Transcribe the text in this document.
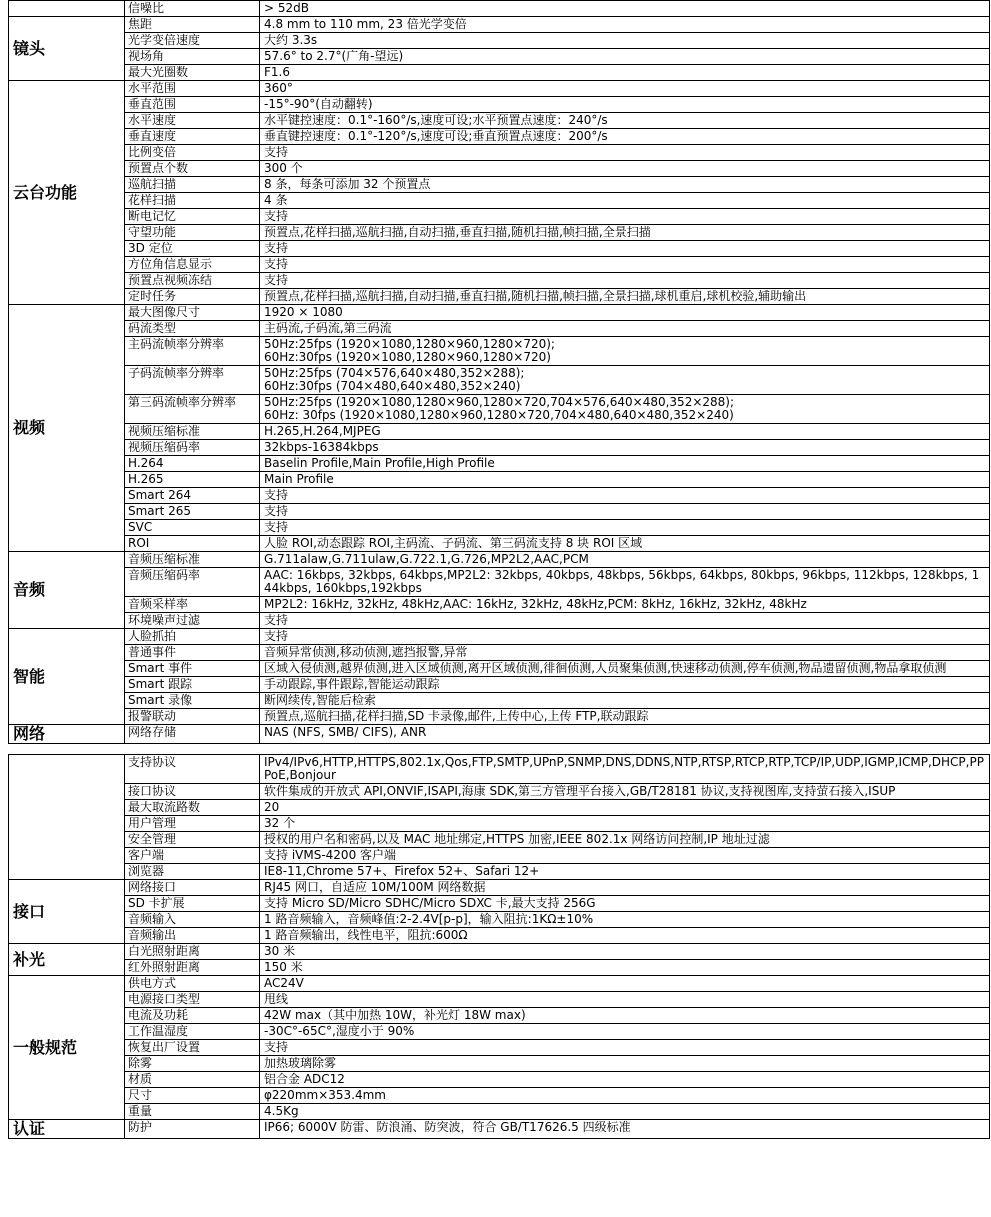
	信噪比	> 52dB

镜头	焦距	4.8 mm to 110 mm, 23 倍光学变倍

	光学变倍速度	大约 3.3s

	视场角	57.6° to 2.7°(广角-望远)

	最大光圈数	F1.6

云台功能	水平范围	360°

	垂直范围	-15°-90°(自动翻转)

	水平速度	水平键控速度：0.1°-160°/s,速度可设;水平预置点速度：240°/s

	垂直速度	垂直键控速度：0.1°-120°/s,速度可设;垂直预置点速度：200°/s

	比例变倍	支持

	预置点个数	300 个

	巡航扫描	8 条，每条可添加 32 个预置点

	花样扫描	4 条

	断电记忆	支持

	守望功能	预置点,花样扫描,巡航扫描,自动扫描,垂直扫描,随机扫描,帧扫描,全景扫描

	3D 定位	支持

	方位角信息显示	支持

	预置点视频冻结	支持

	定时任务	预置点,花样扫描,巡航扫描,自动扫描,垂直扫描,随机扫描,帧扫描,全景扫描,球机重启,球机校验,辅助输出

视频	最大图像尺寸	1920 × 1080

	码流类型	主码流,子码流,第三码流

	主码流帧率分辨率	50Hz:25fps (1920×1080,1280×960,1280×720);
60Hz:30fps (1920×1080,1280×960,1280×720)

	子码流帧率分辨率	50Hz:25fps (704×576,640×480,352×288);
60Hz:30fps (704×480,640×480,352×240)

	第三码流帧率分辨率	50Hz:25fps (1920×1080,1280×960,1280×720,704×576,640×480,352×288);
60Hz: 30fps (1920×1080,1280×960,1280×720,704×480,640×480,352×240)

	视频压缩标准	H.265,H.264,MJPEG

	视频压缩码率	32kbps-16384kbps

	H.264	Baselin Profile,Main Profile,High Profile

	H.265	Main Profile

	Smart 264	支持

	Smart 265	支持

	SVC	支持

	ROI	人脸 ROI,动态跟踪 ROI,主码流、子码流、第三码流支持 8 块 ROI 区域

音频	音频压缩标准	G.711alaw,G.711ulaw,G.722.1,G.726,MP2L2,AAC,PCM

	音频压缩码率	AAC: 16kbps, 32kbps, 64kbps,MP2L2: 32kbps, 40kbps, 48kbps, 56kbps, 64kbps, 80kbps, 96kbps, 112kbps, 128kbps, 144kbps, 160kbps,192kbps

	音频采样率	MP2L2: 16kHz, 32kHz, 48kHz,AAC: 16kHz, 32kHz, 48kHz,PCM: 8kHz, 16kHz, 32kHz, 48kHz

	环境噪声过滤	支持

智能	人脸抓拍	支持

	普通事件	音频异常侦测,移动侦测,遮挡报警,异常

	Smart 事件	区域入侵侦测,越界侦测,进入区域侦测,离开区域侦测,徘徊侦测,人员聚集侦测,快速移动侦测,停车侦测,物品遗留侦测,物品拿取侦测

	Smart 跟踪	手动跟踪,事件跟踪,智能运动跟踪

	Smart 录像	断网续传,智能后检索

	报警联动	预置点,巡航扫描,花样扫描,SD 卡录像,邮件,上传中心,上传 FTP,联动跟踪

网络	网络存储	NAS (NFS, SMB/ CIFS), ANR

	支持协议	IPv4/IPv6,HTTP,HTTPS,802.1x,Qos,FTP,SMTP,UPnP,SNMP,DNS,DDNS,NTP,RTSP,RTCP,RTP,TCP/IP,UDP,IGMP,ICMP,DHCP,PPPoE,Bonjour

	接口协议	软件集成的开放式 API,ONVIF,ISAPI,海康 SDK,第三方管理平台接入,GB/T28181 协议,支持视图库,支持萤石接入,ISUP

	最大取流路数	20

	用户管理	32 个

	安全管理	授权的用户名和密码,以及 MAC 地址绑定,HTTPS 加密,IEEE 802.1x 网络访问控制,IP 地址过滤

	客户端	支持 iVMS-4200 客户端

	浏览器	IE8-11,Chrome 57+、Firefox 52+、Safari 12+

接口	网络接口	RJ45 网口，自适应 10M/100M 网络数据

	SD 卡扩展	支持 Micro SD/Micro SDHC/Micro SDXC 卡,最大支持 256G

	音频输入	1 路音频输入，音频峰值:2-2.4V[p-p]，输入阻抗:1KΩ±10%

	音频输出	1 路音频输出，线性电平，阻抗:600Ω

补光	白光照射距离	30 米

	红外照射距离	150 米

一般规范	供电方式	AC24V

	电源接口类型	甩线

	电流及功耗	42W max（其中加热 10W，补光灯 18W max)

	工作温湿度	-30C°-65C°,湿度小于 90%

	恢复出厂设置	支持

	除雾	加热玻璃除雾

	材质	铝合金 ADC12

	尺寸	φ220mm×353.4mm

	重量	4.5Kg

认证	防护	IP66; 6000V 防雷、防浪涌、防突波，符合 GB/T17626.5 四级标准
